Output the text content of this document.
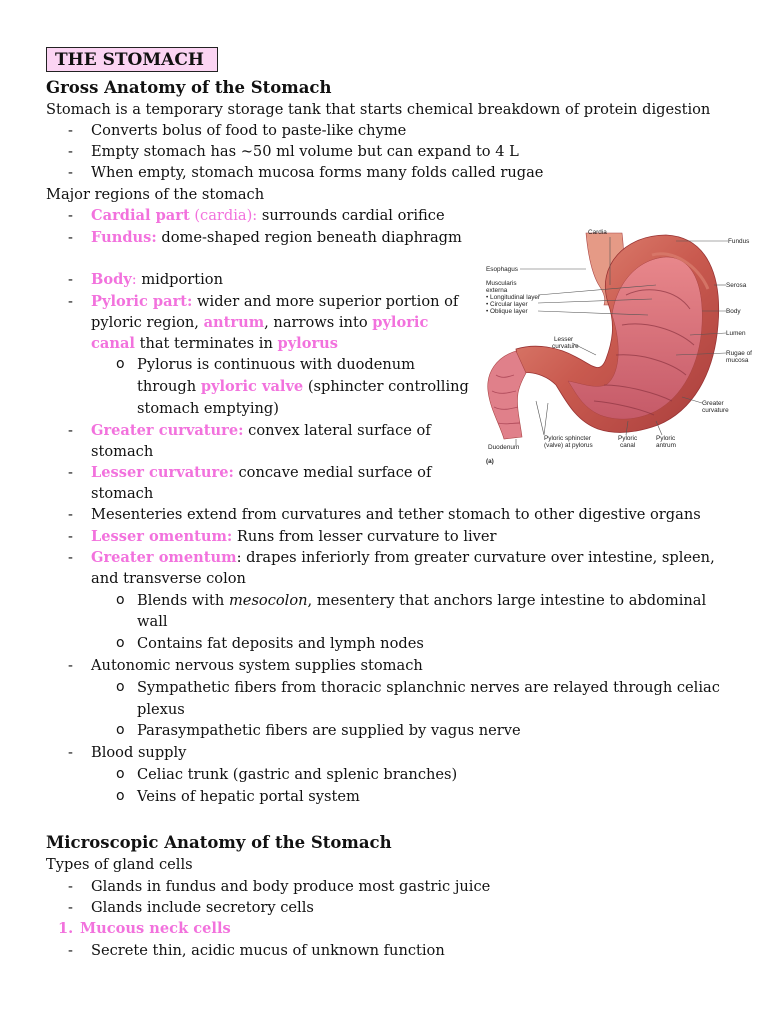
THE STOMACH
Gross Anatomy of the Stomach
Stomach is a temporary storage tank that starts chemical breakdown of protein digestion
- Converts bolus of food to paste-like chyme
- Empty stomach has ~50 ml volume but can expand to 4 L
- When empty, stomach mucosa forms many folds called rugae
Major regions of the stomach
- Cardial part (cardia): surrounds cardial orifice
- Fundus: dome-shaped region beneath diaphragm
- Body: midportion
- Pyloric part: wider and more superior portion of
pyloric region, antrum, narrows into pyloric
canal that terminates in pylorus
o Pylorus is continuous with duodenum
through pyloric valve (sphincter controlling
stomach emptying)
- Greater curvature: convex lateral surface of
stomach
- Lesser curvature: concave medial surface of
stomach
- Mesenteries extend from curvatures and tether stomach to other digestive organs
- Lesser omentum: Runs from lesser curvature to liver
- Greater omentum: drapes inferiorly from greater curvature over intestine, spleen,
and transverse colon
o Blends with mesocolon, mesentery that anchors large intestine to abdominal
wall
o Contains fat deposits and lymph nodes
- Autonomic nervous system supplies stomach
o Sympathetic fibers from thoracic splanchnic nerves are relayed through celiac
plexus
o Parasympathetic fibers are supplied by vagus nerve
- Blood supply
o Celiac trunk (gastric and splenic branches)
o Veins of hepatic portal system
Microscopic Anatomy of the Stomach
Types of gland cells
- Glands in fundus and body produce most gastric juice
- Glands include secretory cells
1. Mucous neck cells
- Secrete thin, acidic mucus of unknown function
Cardia
Fundus
Esophagus
Muscularis
externa
• Longitudinal layer
• Circular layer
• Oblique layer
Serosa
Body
Lumen
Lesser
curvature
Rugae of
mucosa
Greater
curvature
Duodenum
Pyloric sphincter
(valve) at pylorus
Pyloric
canal
Pyloric
antrum
(a)
